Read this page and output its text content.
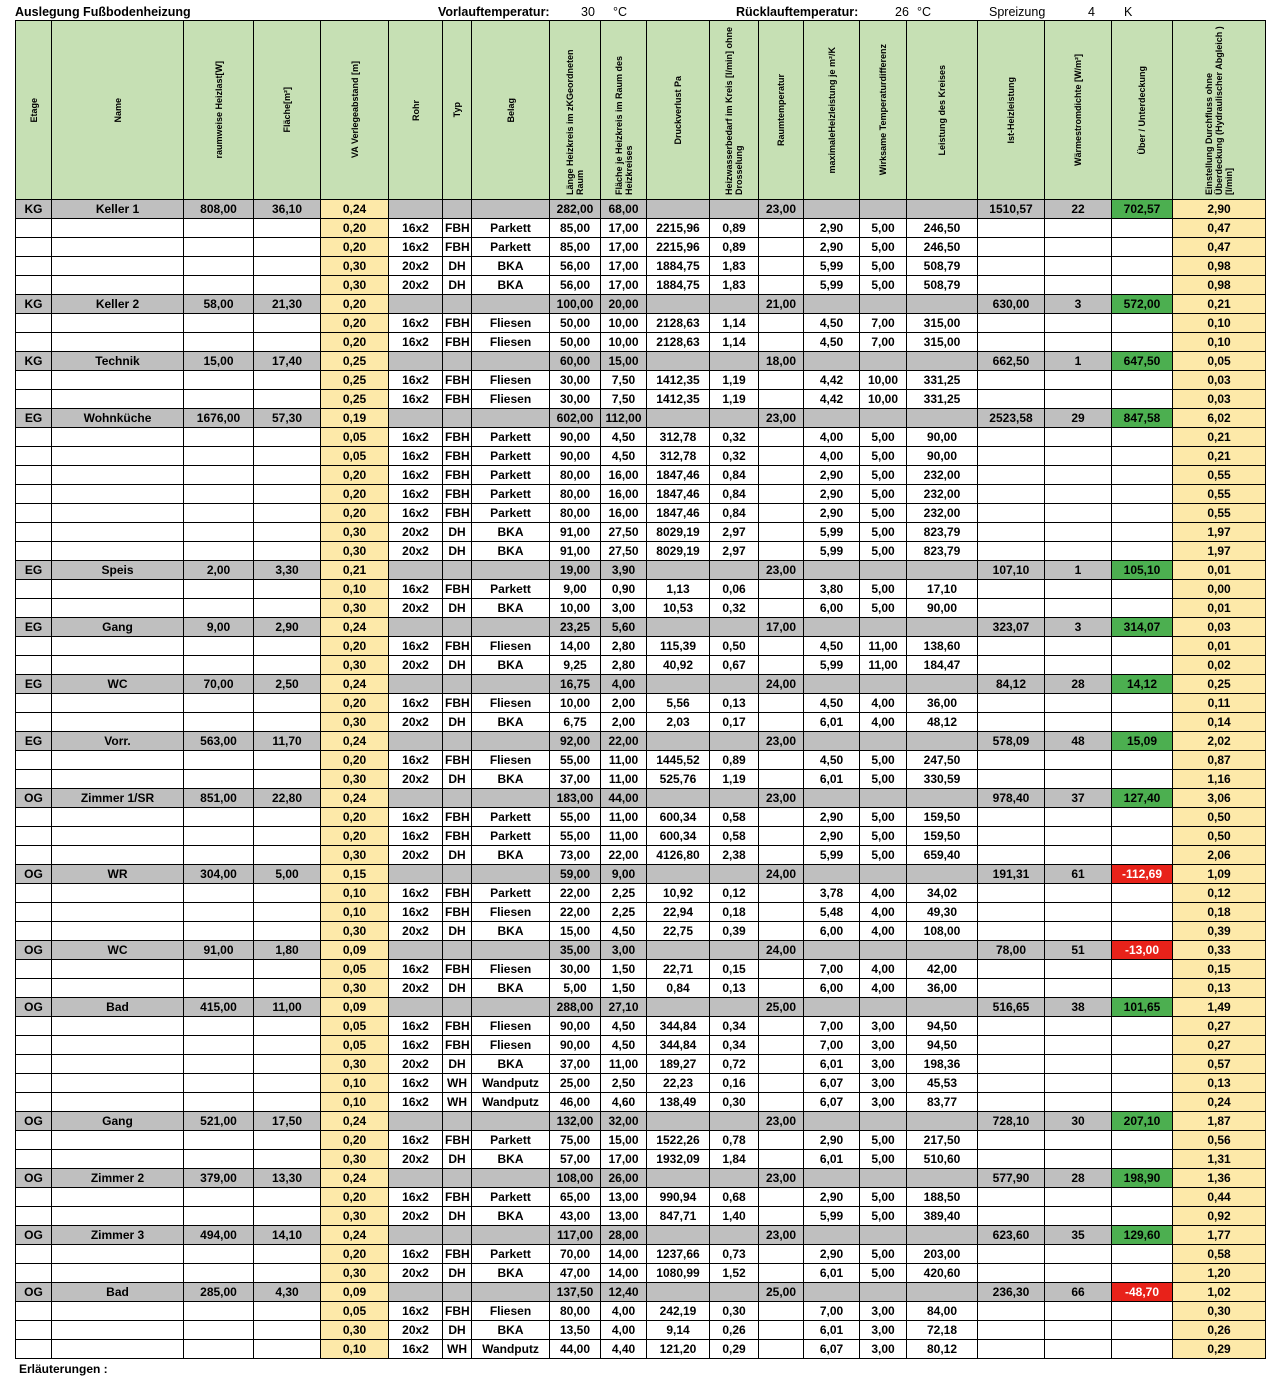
Auslegung Fußbodenheizung	Vorlauftemperatur:	30 °C	Rücklauftemperatur:	26 °C	Spreizung	4 K
Etage	Name	raumweise Heizlast[W]	Fläche[m²]	VA Verlegeabstand [m]	Rohr	Typ	Belag	Länge Heizkreis im zKGeordneten Raum	Fläche je Heizkreis im Raum des Heizkreises	Druckverlust Pa	Heizwasserbedarf im Kreis [l/min] ohne Drosselung	Raumtemperatur	maximaleHeizleistung je m²/K	Wirksame Temperaturdifferenz	Leistung des Kreises	Ist-Heizleistung	Wärmestromdichte [W/m²]	Über / Unterdeckung	Einstellung Durchfluss ohne Überdeckung (Hydraulischer Abgleich ) [l/min]

KG	Keller 1	808,00	36,10	0,24				282,00	68,00			23,00				1510,57	22	702,57	2,90
				0,20	16x2	FBH	Parkett	85,00	17,00	2215,96	0,89		2,90	5,00	246,50				0,47
				0,20	16x2	FBH	Parkett	85,00	17,00	2215,96	0,89		2,90	5,00	246,50				0,47
				0,30	20x2	DH	BKA	56,00	17,00	1884,75	1,83		5,99	5,00	508,79				0,98
				0,30	20x2	DH	BKA	56,00	17,00	1884,75	1,83		5,99	5,00	508,79				0,98
KG	Keller 2	58,00	21,30	0,20				100,00	20,00			21,00				630,00	3	572,00	0,21
				0,20	16x2	FBH	Fliesen	50,00	10,00	2128,63	1,14		4,50	7,00	315,00				0,10
				0,20	16x2	FBH	Fliesen	50,00	10,00	2128,63	1,14		4,50	7,00	315,00				0,10
KG	Technik	15,00	17,40	0,25				60,00	15,00			18,00				662,50	1	647,50	0,05
				0,25	16x2	FBH	Fliesen	30,00	7,50	1412,35	1,19		4,42	10,00	331,25				0,03
				0,25	16x2	FBH	Fliesen	30,00	7,50	1412,35	1,19		4,42	10,00	331,25				0,03
EG	Wohnküche	1676,00	57,30	0,19				602,00	112,00			23,00				2523,58	29	847,58	6,02
				0,05	16x2	FBH	Parkett	90,00	4,50	312,78	0,32		4,00	5,00	90,00				0,21
				0,05	16x2	FBH	Parkett	90,00	4,50	312,78	0,32		4,00	5,00	90,00				0,21
				0,20	16x2	FBH	Parkett	80,00	16,00	1847,46	0,84		2,90	5,00	232,00				0,55
				0,20	16x2	FBH	Parkett	80,00	16,00	1847,46	0,84		2,90	5,00	232,00				0,55
				0,20	16x2	FBH	Parkett	80,00	16,00	1847,46	0,84		2,90	5,00	232,00				0,55
				0,30	20x2	DH	BKA	91,00	27,50	8029,19	2,97		5,99	5,00	823,79				1,97
				0,30	20x2	DH	BKA	91,00	27,50	8029,19	2,97		5,99	5,00	823,79				1,97
EG	Speis	2,00	3,30	0,21				19,00	3,90			23,00				107,10	1	105,10	0,01
				0,10	16x2	FBH	Parkett	9,00	0,90	1,13	0,06		3,80	5,00	17,10				0,00
				0,30	20x2	DH	BKA	10,00	3,00	10,53	0,32		6,00	5,00	90,00				0,01
EG	Gang	9,00	2,90	0,24				23,25	5,60			17,00				323,07	3	314,07	0,03
				0,20	16x2	FBH	Fliesen	14,00	2,80	115,39	0,50		4,50	11,00	138,60				0,01
				0,30	20x2	DH	BKA	9,25	2,80	40,92	0,67		5,99	11,00	184,47				0,02
EG	WC	70,00	2,50	0,24				16,75	4,00			24,00				84,12	28	14,12	0,25
				0,20	16x2	FBH	Fliesen	10,00	2,00	5,56	0,13		4,50	4,00	36,00				0,11
				0,30	20x2	DH	BKA	6,75	2,00	2,03	0,17		6,01	4,00	48,12				0,14
EG	Vorr.	563,00	11,70	0,24				92,00	22,00			23,00				578,09	48	15,09	2,02
				0,20	16x2	FBH	Fliesen	55,00	11,00	1445,52	0,89		4,50	5,00	247,50				0,87
				0,30	20x2	DH	BKA	37,00	11,00	525,76	1,19		6,01	5,00	330,59				1,16
OG	Zimmer 1/SR	851,00	22,80	0,24				183,00	44,00			23,00				978,40	37	127,40	3,06
				0,20	16x2	FBH	Parkett	55,00	11,00	600,34	0,58		2,90	5,00	159,50				0,50
				0,20	16x2	FBH	Parkett	55,00	11,00	600,34	0,58		2,90	5,00	159,50				0,50
				0,30	20x2	DH	BKA	73,00	22,00	4126,80	2,38		5,99	5,00	659,40				2,06
OG	WR	304,00	5,00	0,15				59,00	9,00			24,00				191,31	61	-112,69	1,09
				0,10	16x2	FBH	Parkett	22,00	2,25	10,92	0,12		3,78	4,00	34,02				0,12
				0,10	16x2	FBH	Fliesen	22,00	2,25	22,94	0,18		5,48	4,00	49,30				0,18
				0,30	20x2	DH	BKA	15,00	4,50	22,75	0,39		6,00	4,00	108,00				0,39
OG	WC	91,00	1,80	0,09				35,00	3,00			24,00				78,00	51	-13,00	0,33
				0,05	16x2	FBH	Fliesen	30,00	1,50	22,71	0,15		7,00	4,00	42,00				0,15
				0,30	20x2	DH	BKA	5,00	1,50	0,84	0,13		6,00	4,00	36,00				0,13
OG	Bad	415,00	11,00	0,09				288,00	27,10			25,00				516,65	38	101,65	1,49
				0,05	16x2	FBH	Fliesen	90,00	4,50	344,84	0,34		7,00	3,00	94,50				0,27
				0,05	16x2	FBH	Fliesen	90,00	4,50	344,84	0,34		7,00	3,00	94,50				0,27
				0,30	20x2	DH	BKA	37,00	11,00	189,27	0,72		6,01	3,00	198,36				0,57
				0,10	16x2	WH	Wandputz	25,00	2,50	22,23	0,16		6,07	3,00	45,53				0,13
				0,10	16x2	WH	Wandputz	46,00	4,60	138,49	0,30		6,07	3,00	83,77				0,24
OG	Gang	521,00	17,50	0,24				132,00	32,00			23,00				728,10	30	207,10	1,87
				0,20	16x2	FBH	Parkett	75,00	15,00	1522,26	0,78		2,90	5,00	217,50				0,56
				0,30	20x2	DH	BKA	57,00	17,00	1932,09	1,84		6,01	5,00	510,60				1,31
OG	Zimmer 2	379,00	13,30	0,24				108,00	26,00			23,00				577,90	28	198,90	1,36
				0,20	16x2	FBH	Parkett	65,00	13,00	990,94	0,68		2,90	5,00	188,50				0,44
				0,30	20x2	DH	BKA	43,00	13,00	847,71	1,40		5,99	5,00	389,40				0,92
OG	Zimmer 3	494,00	14,10	0,24				117,00	28,00			23,00				623,60	35	129,60	1,77
				0,20	16x2	FBH	Parkett	70,00	14,00	1237,66	0,73		2,90	5,00	203,00				0,58
				0,30	20x2	DH	BKA	47,00	14,00	1080,99	1,52		6,01	5,00	420,60				1,20
OG	Bad	285,00	4,30	0,09				137,50	12,40			25,00				236,30	66	-48,70	1,02
				0,05	16x2	FBH	Fliesen	80,00	4,00	242,19	0,30		7,00	3,00	84,00				0,30
				0,30	20x2	DH	BKA	13,50	4,00	9,14	0,26		6,01	3,00	72,18				0,26
				0,10	16x2	WH	Wandputz	44,00	4,40	121,20	0,29		6,07	3,00	80,12				0,29
Erläuterungen :
